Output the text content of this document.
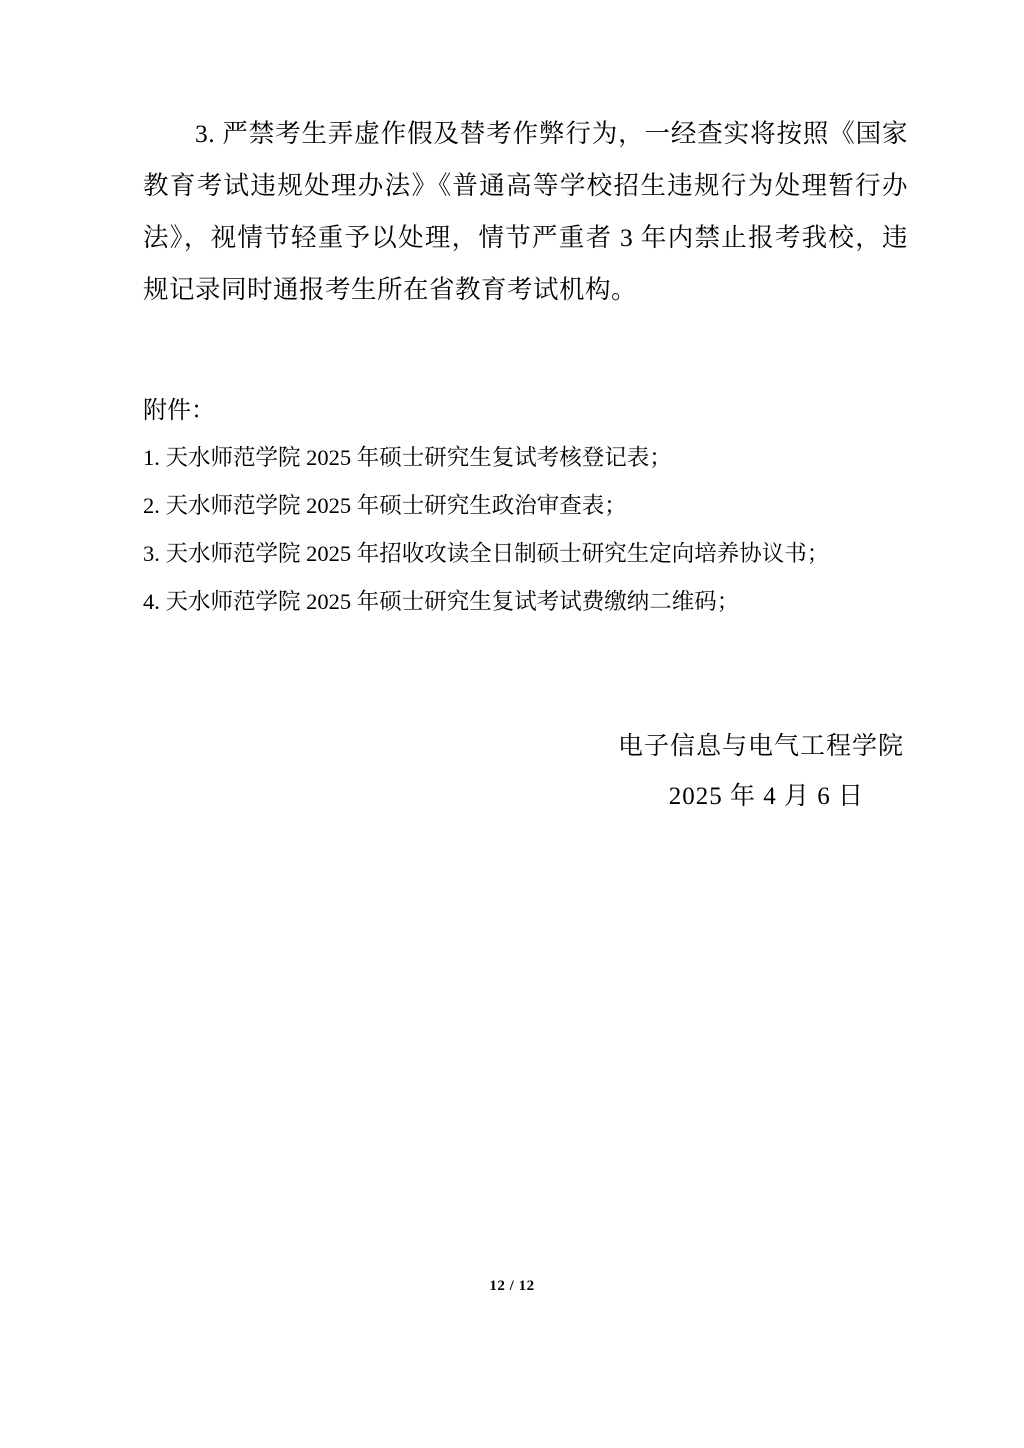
3. 严禁考生弄虚作假及替考作弊行为，一经查实将按照《国家教育考试违规处理办法》《普通高等学校招生违规行为处理暂行办法》，视情节轻重予以处理，情节严重者 3 年内禁止报考我校，违规记录同时通报考生所在省教育考试机构。

附件：

1. 天水师范学院 2025 年硕士研究生复试考核登记表；
2. 天水师范学院 2025 年硕士研究生政治审查表；
3. 天水师范学院 2025 年招收攻读全日制硕士研究生定向培养协议书；
4. 天水师范学院 2025 年硕士研究生复试考试费缴纳二维码；
电子信息与电气工程学院
2025 年 4 月 6 日
12 / 12
